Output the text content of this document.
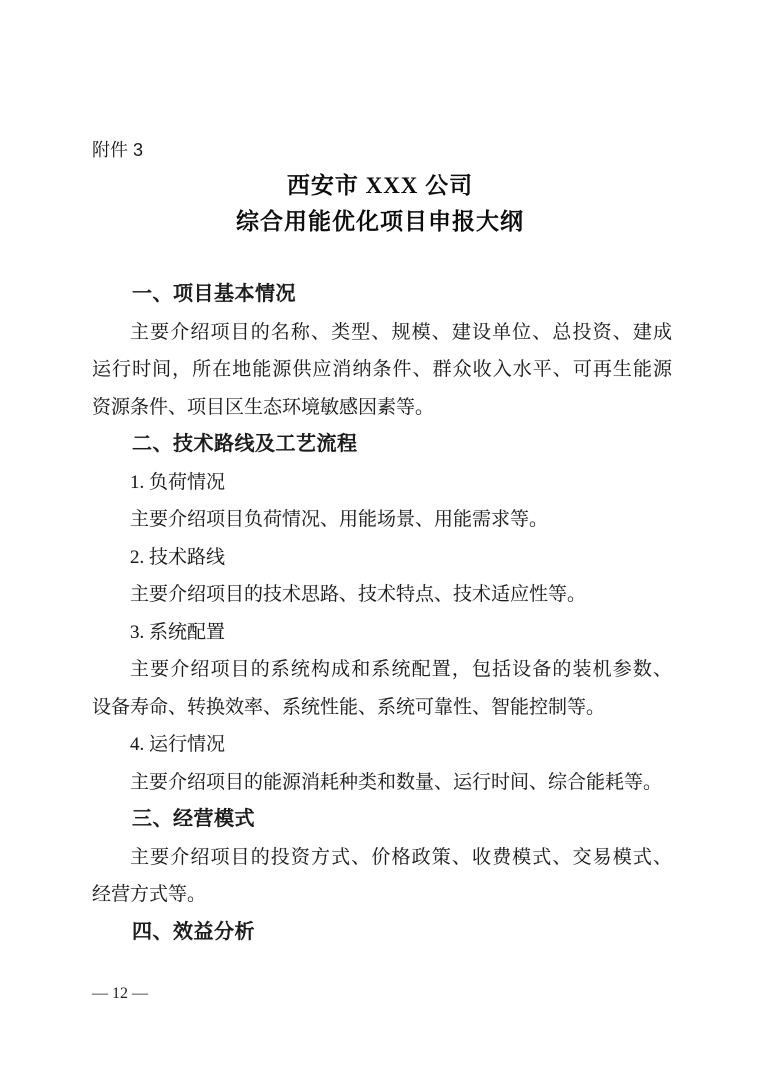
附件 3
西安市 XXX 公司
综合用能优化项目申报大纲
一、项目基本情况
主要介绍项目的名称、类型、规模、建设单位、总投资、建成
运行时间，所在地能源供应消纳条件、群众收入水平、可再生能源
资源条件、项目区生态环境敏感因素等。
二、技术路线及工艺流程
1. 负荷情况
主要介绍项目负荷情况、用能场景、用能需求等。
2. 技术路线
主要介绍项目的技术思路、技术特点、技术适应性等。
3. 系统配置
主要介绍项目的系统构成和系统配置，包括设备的装机参数、
设备寿命、转换效率、系统性能、系统可靠性、智能控制等。
4. 运行情况
主要介绍项目的能源消耗种类和数量、运行时间、综合能耗等。
三、经营模式
主要介绍项目的投资方式、价格政策、收费模式、交易模式、
经营方式等。
四、效益分析
— 12 —
